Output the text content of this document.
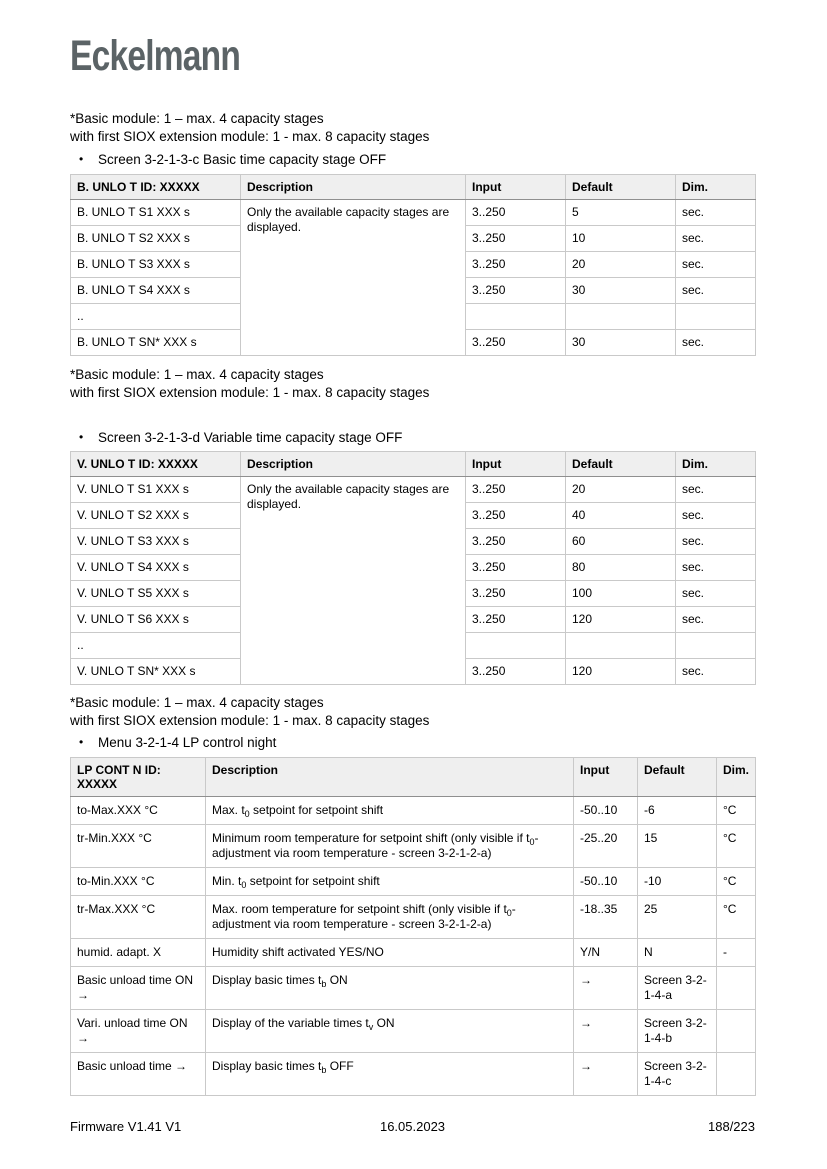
Eckelmann
*Basic module: 1 – max. 4 capacity stages
with first SIOX extension module: 1 - max. 8 capacity stages
•	Screen 3-2-1-3-c Basic time capacity stage OFF
B. UNLO T ID: XXXXX	Description	Input	Default	Dim.
B. UNLO T S1 XXX s	Only the available capacity stages are displayed.	3..250	5	sec.
B. UNLO T S2 XXX s		3..250	10	sec.
B. UNLO T S3 XXX s		3..250	20	sec.
B. UNLO T S4 XXX s		3..250	30	sec.
..				
B. UNLO T SN* XXX s		3..250	30	sec.
*Basic module: 1 – max. 4 capacity stages
with first SIOX extension module: 1 - max. 8 capacity stages
•	Screen 3-2-1-3-d Variable time capacity stage OFF
V. UNLO T ID: XXXXX	Description	Input	Default	Dim.
V. UNLO T S1 XXX s	Only the available capacity stages are displayed.	3..250	20	sec.
V. UNLO T S2 XXX s		3..250	40	sec.
V. UNLO T S3 XXX s		3..250	60	sec.
V. UNLO T S4 XXX s		3..250	80	sec.
V. UNLO T S5 XXX s		3..250	100	sec.
V. UNLO T S6 XXX s		3..250	120	sec.
..				
V. UNLO T SN* XXX s		3..250	120	sec.
*Basic module: 1 – max. 4 capacity stages
with first SIOX extension module: 1 - max. 8 capacity stages
•	Menu 3-2-1-4 LP control night
LP CONT N ID: XXXXX	Description	Input	Default	Dim.
to-Max.XXX °C	Max. $t_0$ setpoint for setpoint shift	-50..10	-6	°C
tr-Min.XXX °C	Minimum room temperature for setpoint shift (only visible if $t_0$-adjustment via room temperature - screen 3-2-1-2-a)	-25..20	15	°C
to-Min.XXX °C	Min. $t_0$ setpoint for setpoint shift	-50..10	-10	°C
tr-Max.XXX °C	Max. room temperature for setpoint shift (only visible if $t_0$-adjustment via room temperature - screen 3-2-1-2-a)	-18..35	25	°C
humid. adapt. X	Humidity shift activated YES/NO	Y/N	N	-
Basic unload time ON →	Display basic times $t_b$ ON	→	Screen 3-2-1-4-a	
Vari. unload time ON →	Display of the variable times $t_v$ ON	→	Screen 3-2-1-4-b	
Basic unload time →	Display basic times $t_b$ OFF	→	Screen 3-2-1-4-c	
Firmware V1.41 V1	16.05.2023	188/223
